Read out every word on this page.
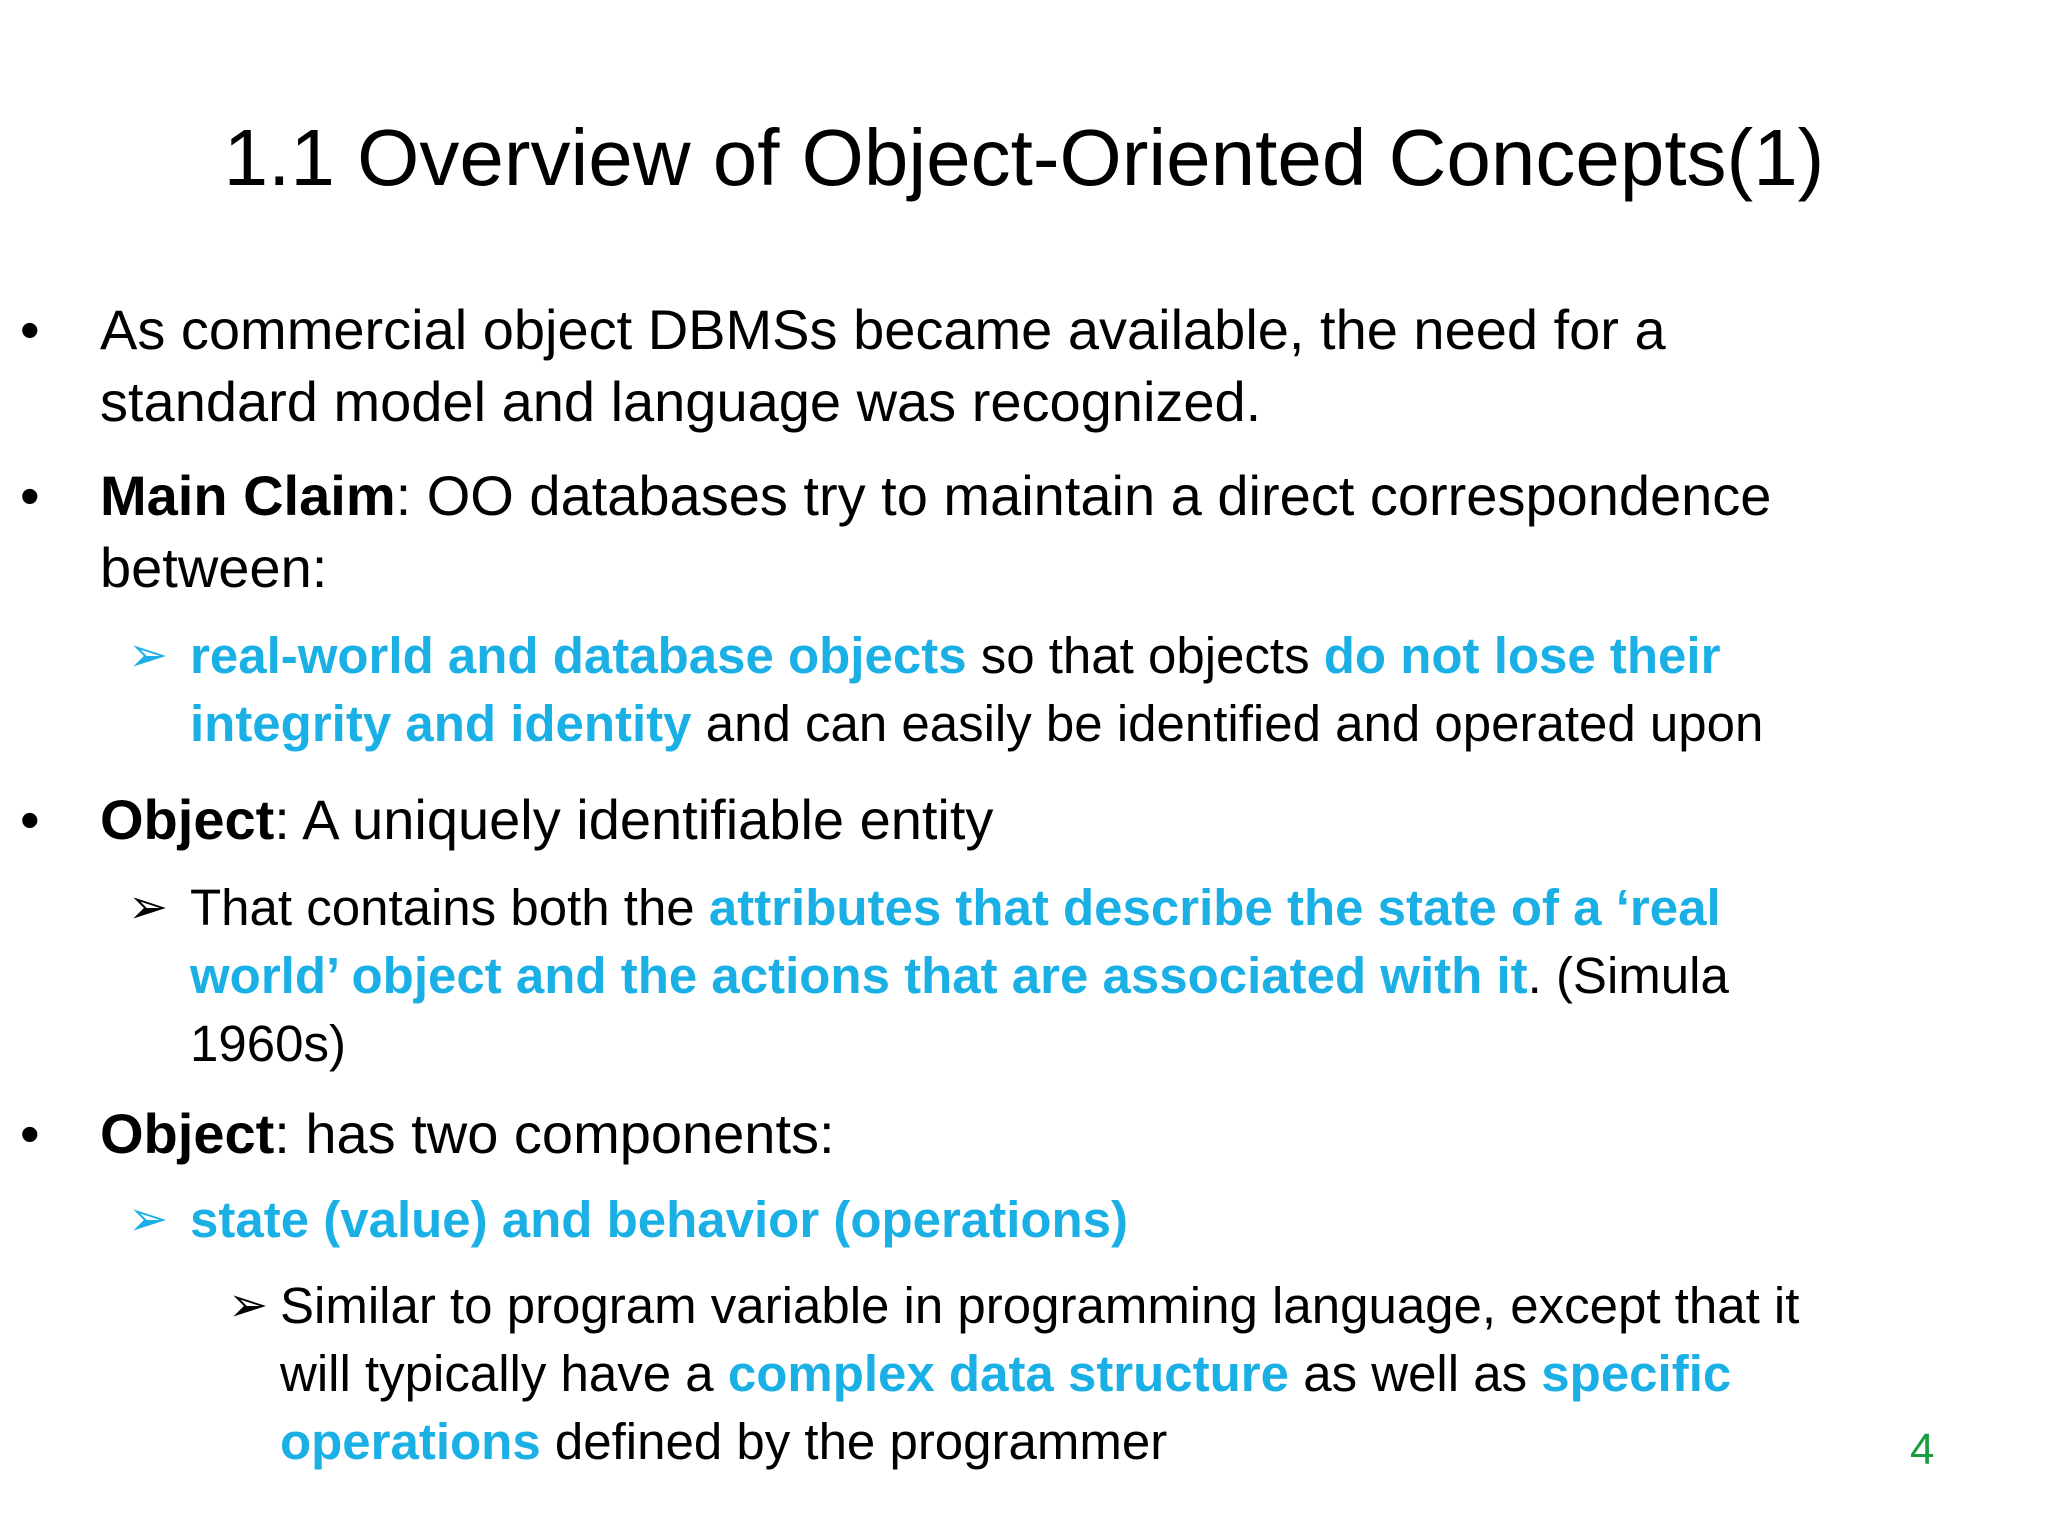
1.1 Overview of Object-Oriented Concepts(1)
• As commercial object DBMSs became available, the need for a
standard model and language was recognized.
• Main Claim: OO databases try to maintain a direct correspondence
between:
➢ real-world and database objects so that objects do not lose their
integrity and identity and can easily be identified and operated upon
• Object: A uniquely identifiable entity
➢ That contains both the attributes that describe the state of a ‘real
world’ object and the actions that are associated with it. (Simula
1960s)
• Object: has two components:
➢ state (value) and behavior (operations)
➢ Similar to program variable in programming language, except that it
will typically have a complex data structure as well as specific
operations defined by the programmer	4
